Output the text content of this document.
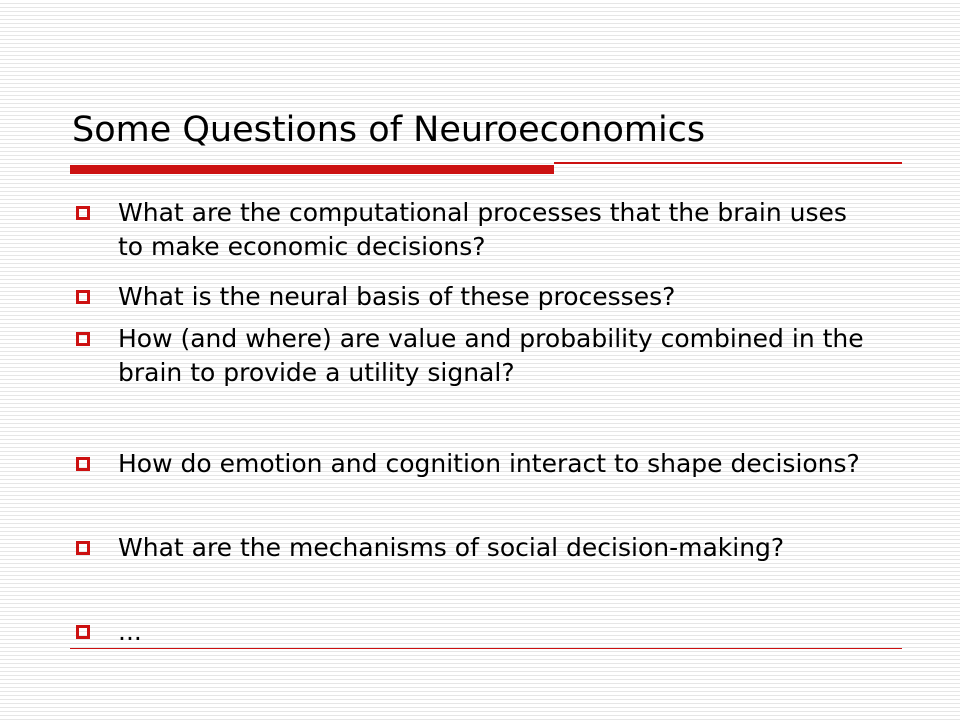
Some Questions of Neuroeconomics
What are the computational processes that the brain uses to make economic decisions?
What is the neural basis of these processes?
How (and where) are value and probability combined in the brain to provide a utility signal?
How do emotion and cognition interact to shape decisions?
What are the mechanisms of social decision-making?
...
